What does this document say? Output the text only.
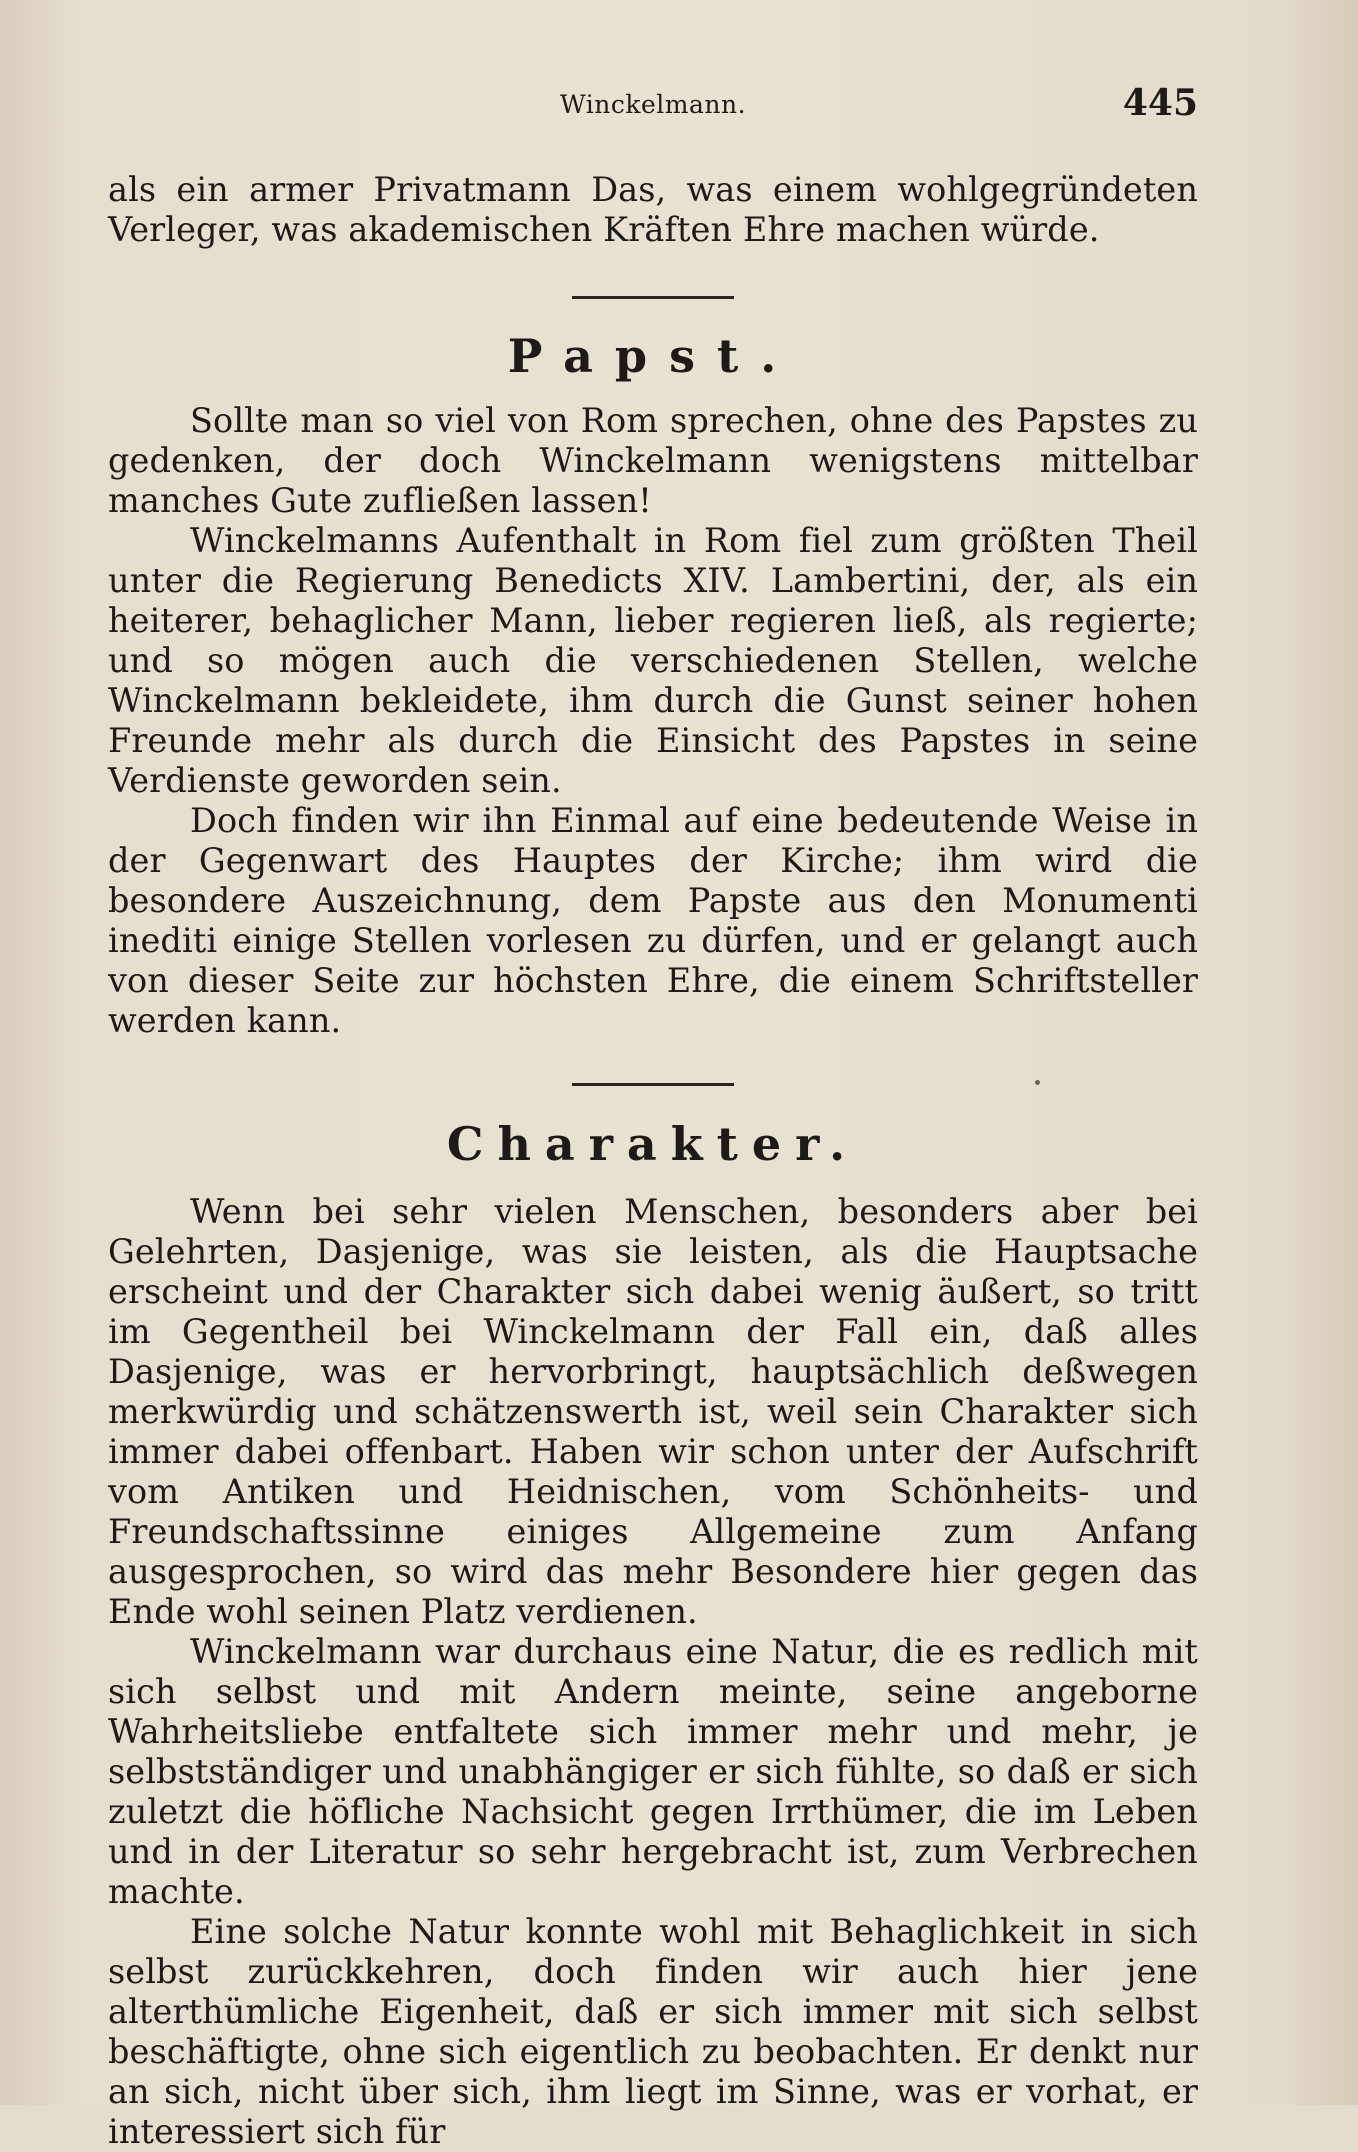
Winckelmann.	445

als ein armer Privatmann Das, was einem wohlgegründeten Verleger, was akademischen Kräften Ehre machen würde.

Papst.

Sollte man so viel von Rom sprechen, ohne des Papstes zu gedenken, der doch Winckelmann wenigstens mittelbar manches Gute zufließen lassen!

Winckelmanns Aufenthalt in Rom fiel zum größten Theil unter die Regierung Benedicts XIV. Lambertini, der, als ein heiterer, behaglicher Mann, lieber regieren ließ, als regierte; und so mögen auch die verschiedenen Stellen, welche Winckelmann bekleidete, ihm durch die Gunst seiner hohen Freunde mehr als durch die Einsicht des Papstes in seine Verdienste geworden sein.

Doch finden wir ihn Einmal auf eine bedeutende Weise in der Gegenwart des Hauptes der Kirche; ihm wird die besondere Auszeichnung, dem Papste aus den Monumenti inediti einige Stellen vorlesen zu dürfen, und er gelangt auch von dieser Seite zur höchsten Ehre, die einem Schriftsteller werden kann.

Charakter.

Wenn bei sehr vielen Menschen, besonders aber bei Gelehrten, Dasjenige, was sie leisten, als die Hauptsache erscheint und der Charakter sich dabei wenig äußert, so tritt im Gegentheil bei Winckelmann der Fall ein, daß alles Dasjenige, was er hervorbringt, hauptsächlich deßwegen merkwürdig und schätzenswerth ist, weil sein Charakter sich immer dabei offenbart. Haben wir schon unter der Aufschrift vom Antiken und Heidnischen, vom Schönheits- und Freundschaftssinne einiges Allgemeine zum Anfang ausgesprochen, so wird das mehr Besondere hier gegen das Ende wohl seinen Platz verdienen.

Winckelmann war durchaus eine Natur, die es redlich mit sich selbst und mit Andern meinte, seine angeborne Wahrheitsliebe entfaltete sich immer mehr und mehr, je selbstständiger und unabhängiger er sich fühlte, so daß er sich zuletzt die höfliche Nachsicht gegen Irrthümer, die im Leben und in der Literatur so sehr hergebracht ist, zum Verbrechen machte.

Eine solche Natur konnte wohl mit Behaglichkeit in sich selbst zurückkehren, doch finden wir auch hier jene alterthümliche Eigenheit, daß er sich immer mit sich selbst beschäftigte, ohne sich eigentlich zu beobachten. Er denkt nur an sich, nicht über sich, ihm liegt im Sinne, was er vorhat, er interessiert sich für
